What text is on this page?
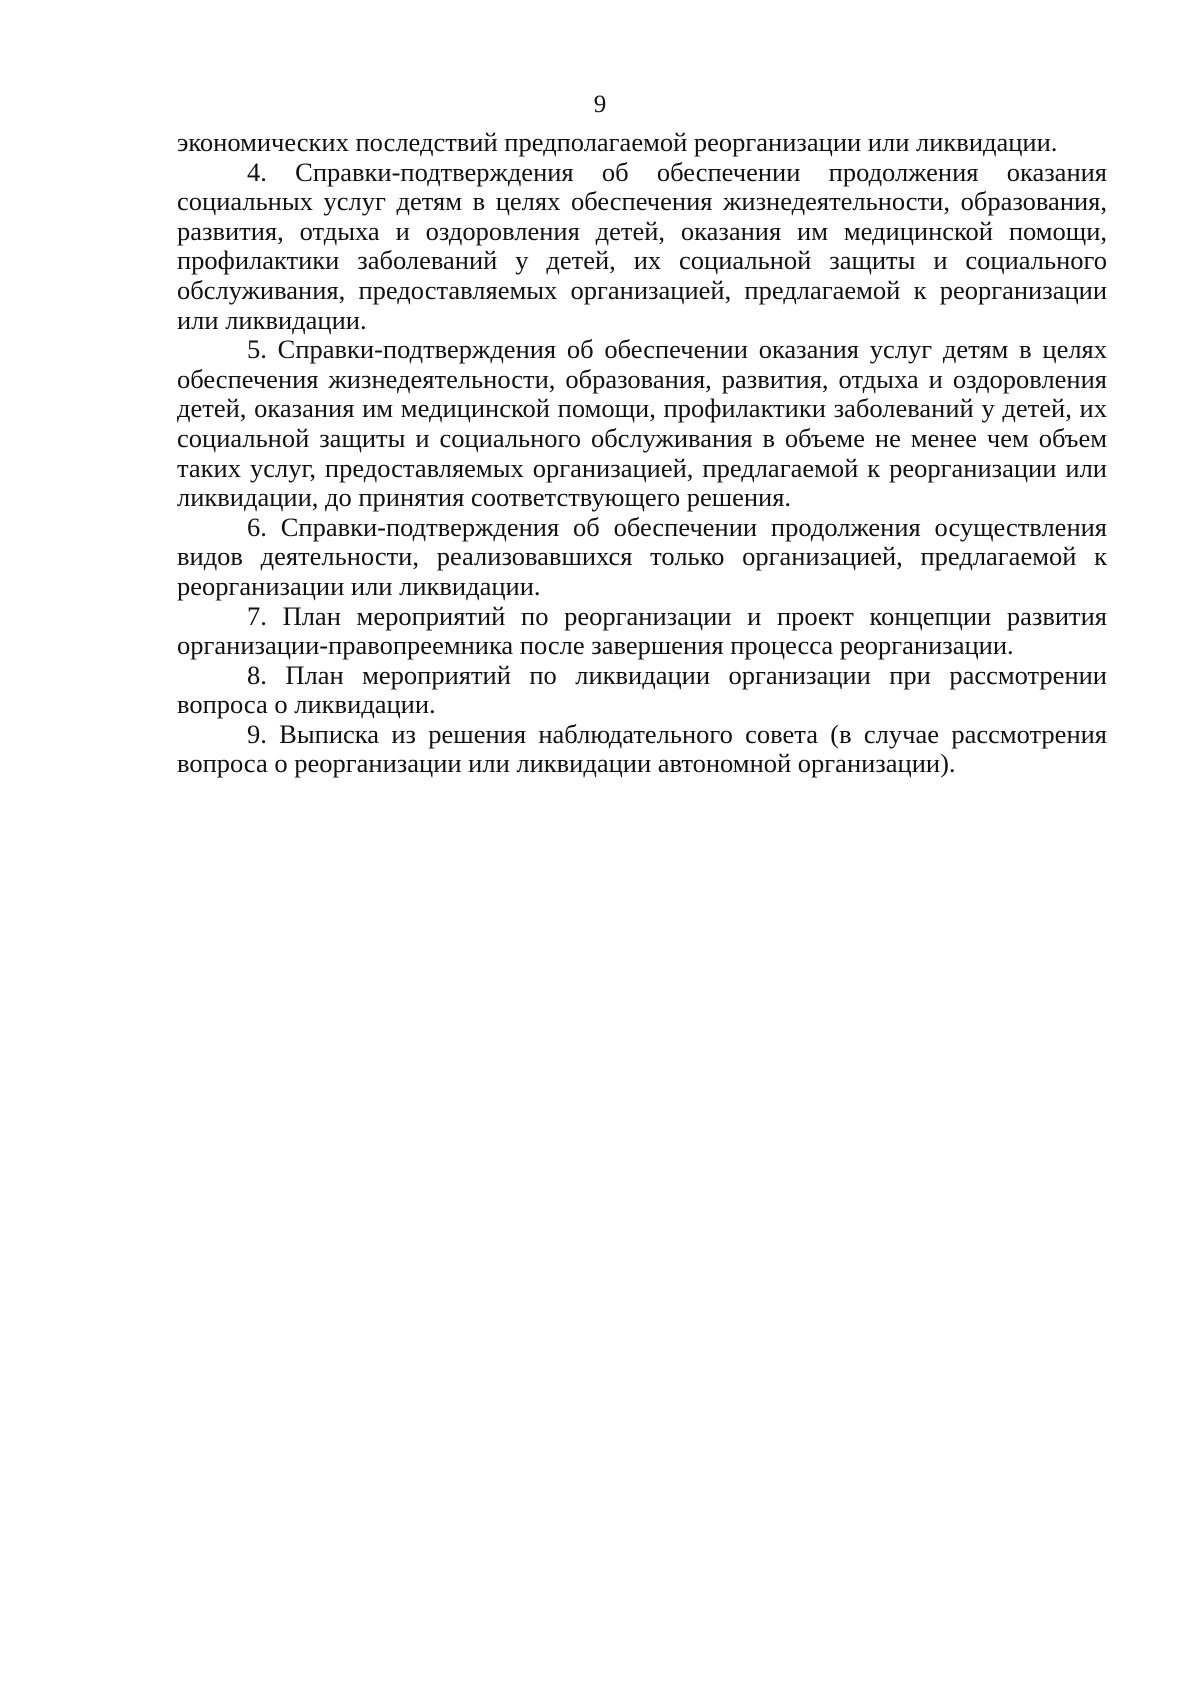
9

экономических последствий предполагаемой реорганизации или ликвидации.

4. Справки-подтверждения об обеспечении продолжения оказания социальных услуг детям в целях обеспечения жизнедеятельности, образования, развития, отдыха и оздоровления детей, оказания им медицинской помощи, профилактики заболеваний у детей, их социальной защиты и социального обслуживания, предоставляемых организацией, предлагаемой к реорганизации или ликвидации.

5. Справки-подтверждения об обеспечении оказания услуг детям в целях обеспечения жизнедеятельности, образования, развития, отдыха и оздоровления детей, оказания им медицинской помощи, профилактики заболеваний у детей, их социальной защиты и социального обслуживания в объеме не менее чем объем таких услуг, предоставляемых организацией, предлагаемой к реорганизации или ликвидации, до принятия соответствующего решения.

6. Справки-подтверждения об обеспечении продолжения осуществления видов деятельности, реализовавшихся только организацией, предлагаемой к реорганизации или ликвидации.

7. План мероприятий по реорганизации и проект концепции развития организации-правопреемника после завершения процесса реорганизации.

8. План мероприятий по ликвидации организации при рассмотрении вопроса о ликвидации.

9. Выписка из решения наблюдательного совета (в случае рассмотрения вопроса о реорганизации или ликвидации автономной организации).
